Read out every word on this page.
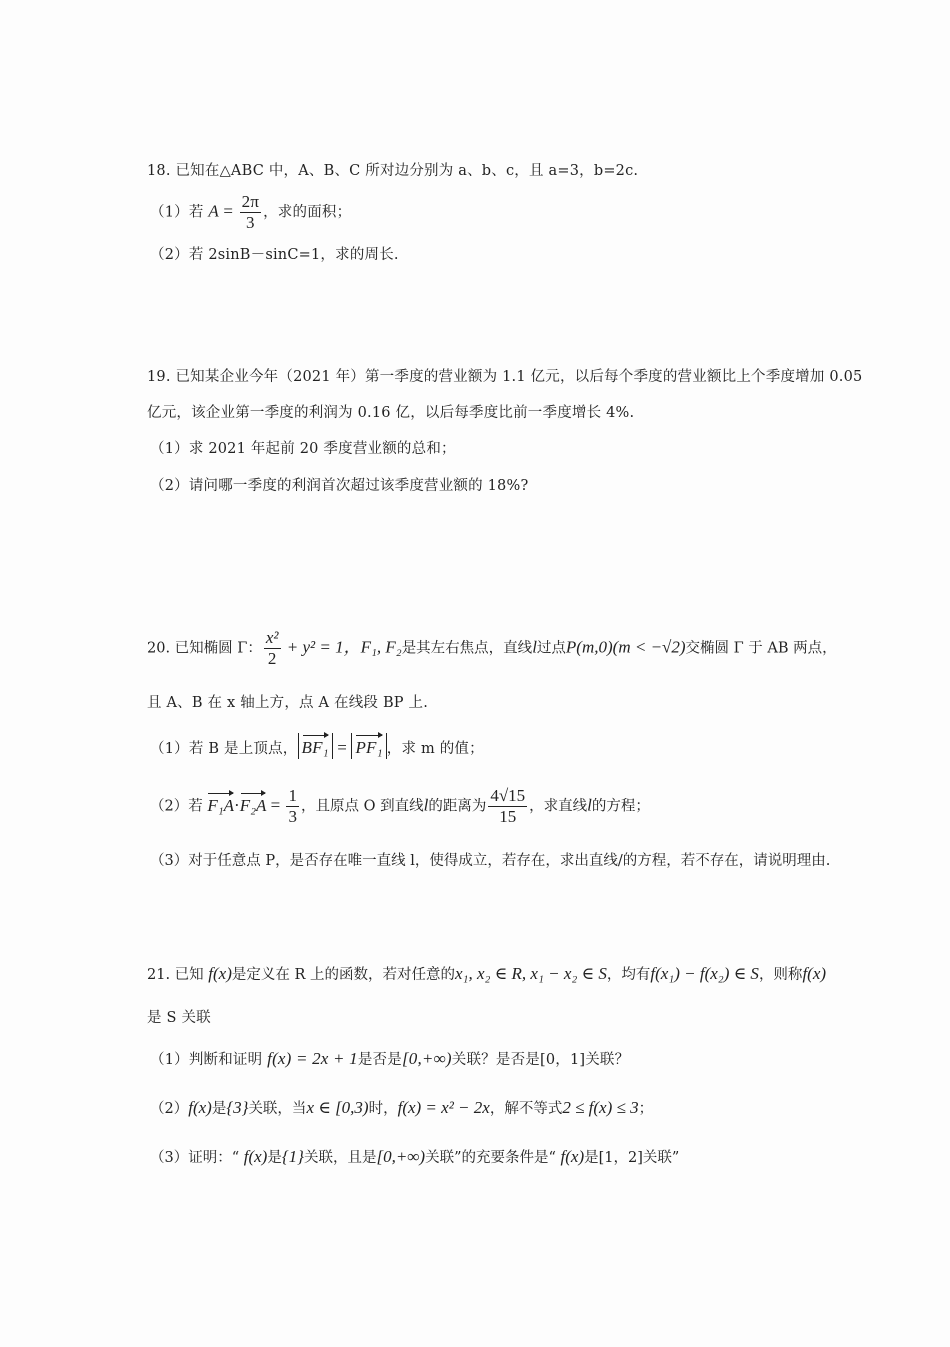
18. 已知在△ABC 中，A、B、C 所对边分别为 a、b、c，且 a=3，b=2c.
（1）若 $A = \frac{2\pi}{3}$ ，求的面积；
（2）若 2sinB－sinC=1，求的周长.
19. 已知某企业今年（2021 年）第一季度的营业额为 1.1 亿元，以后每个季度的营业额比上个季度增加 0.05
亿元，该企业第一季度的利润为 0.16 亿，以后每季度比前一季度增长 4%.
（1）求 2021 年起前 20 季度营业额的总和；
（2）请问哪一季度的利润首次超过该季度营业额的 18%?
20. 已知椭圆 Γ： $\frac{\text{x²}}{2} + y^2 = 1$，F₁, F₂是其左右焦点，直线l过点P(m,0)(m < −√2)交椭圆 Γ 于 AB 两点，
且 A、B 在 x 轴上方，点 A 在线段 BP 上.
（1）若 B 是上顶点， BF₁ = PF₁ ，求 m 的值；
（2）若 $F_1A\cdot F_2A = \frac{1}{3}$ ，且原点 O 到直线l的距离为 $\frac{4√15}{15}$ ，求直线l的方程；
（3）对于任意点 P，是否存在唯一直线 l，使得成立，若存在，求出直线/的方程，若不存在，请说明理由.
21. 已知 f(x)是定义在 R 上的函数，若对任意的x₁, x₂ ∈ R, x₁ − x₂ ∈ S，均有f(x₁) − f(x₂) ∈ S，则称f(x)
是 S 关联
（1）判断和证明 f(x) = 2x + 1是否是[0,+∞)关联？是否是[0，1]关联？
（2）f(x)是{3}关联，当x ∈ [0,3)时，f(x) = x² − 2x，解不等式2 ≤ f(x) ≤ 3；
（3）证明：“ f(x)是{1}关联，且是[0,+∞)关联”的充要条件是“ f(x)是[1，2]关联”
